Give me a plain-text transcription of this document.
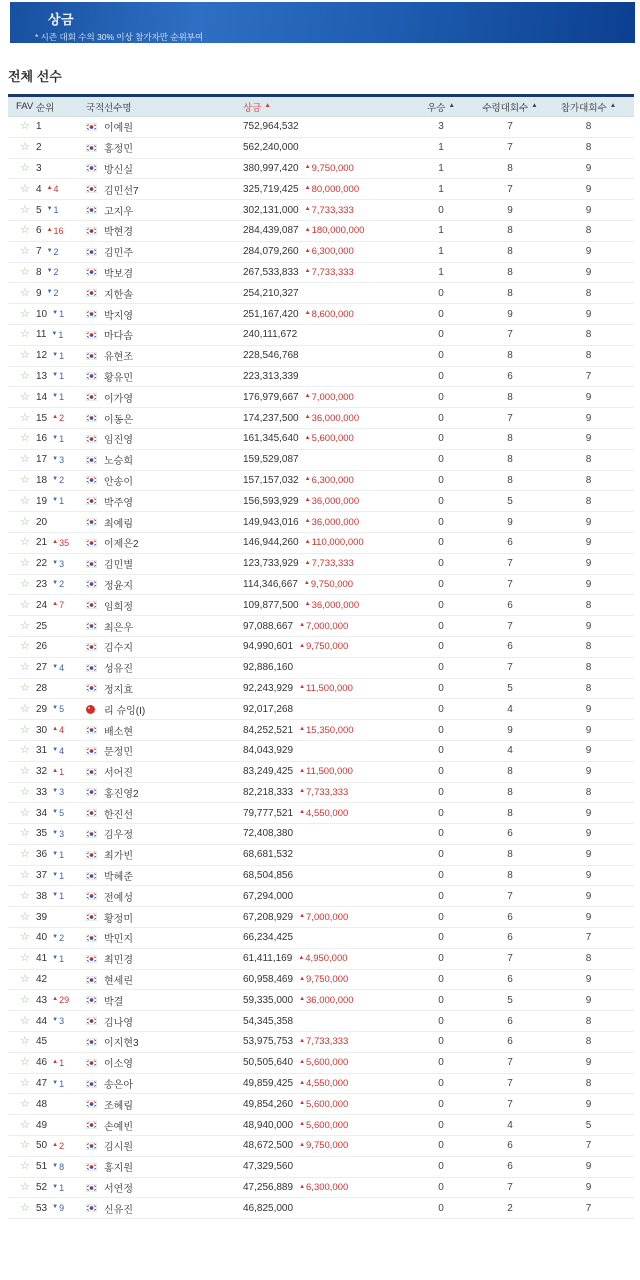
상금
* 시즌 대회 수의 30% 이상 참가자만 순위부여
전체 선수
FAV 순위	국적 선수명	상금 ▲	우승 ▲	수령대회수 ▲ 참가대회수 ▲
☆ 1	이예원	752,964,532	3	7	8
☆ 2	홍정민	562,240,000	1	7	8
☆ 3	방신실	380,997,420 ▲ 9,750,000	1	8	9
☆ 4 ▲ 4	김민선7	325,719,425 ▲ 80,000,000	1	7	9
☆ 5 ▼ 1	고지우	302,131,000 ▲ 7,733,333	0	9	9
☆ 6 ▲ 16	박현경	284,439,087 ▲ 180,000,000	1	8	8
☆ 7 ▼ 2	김민주	284,079,260 ▲ 6,300,000	1	8	9
☆ 8 ▼ 2	박보겸	267,533,833 ▲ 7,733,333	1	8	9
☆ 9 ▼ 2	지한솔	254,210,327	0	8	8
☆ 10 ▼ 1	박지영	251,167,420 ▲ 8,600,000	0	9	9
☆ 11 ▼ 1	마다솜	240,111,672	0	7	8
☆ 12 ▼ 1	유현조	228,546,768	0	8	8
☆ 13 ▼ 1	황유민	223,313,339	0	6	7
☆ 14 ▼ 1	이가영	176,979,667 ▲ 7,000,000	0	8	9
☆ 15 ▲ 2	이동은	174,237,500 ▲ 36,000,000	0	7	9
☆ 16 ▼ 1	임진영	161,345,640 ▲ 5,600,000	0	8	9
☆ 17 ▼ 3	노승희	159,529,087	0	8	8
☆ 18 ▼ 2	안송이	157,157,032 ▲ 6,300,000	0	8	8
☆ 19 ▼ 1	박주영	156,593,929 ▲ 36,000,000	0	5	8
☆ 20	최예림	149,943,016 ▲ 36,000,000	0	9	9
☆ 21 ▲ 35	이제은2	146,944,260 ▲ 110,000,000	0	6	9
☆ 22 ▼ 3	김민별	123,733,929 ▲ 7,733,333	0	7	9
☆ 23 ▼ 2	정윤지	114,346,667 ▲ 9,750,000	0	7	9
☆ 24 ▲ 7	임희정	109,877,500 ▲ 36,000,000	0	6	8
☆ 25	최은우	97,088,667 ▲ 7,000,000	0	7	9
☆ 26	김수지	94,990,601 ▲ 9,750,000	0	6	8
☆ 27 ▼ 4	성유진	92,886,160	0	7	8
☆ 28	정지효	92,243,929 ▲ 11,500,000	0	5	8
☆ 29 ▼ 5	리 슈잉(I)	92,017,268	0	4	9
☆ 30 ▲ 4	배소현	84,252,521 ▲ 15,350,000	0	9	9
☆ 31 ▼ 4	문정민	84,043,929	0	4	9
☆ 32 ▲ 1	서어진	83,249,425 ▲ 11,500,000	0	8	9
☆ 33 ▼ 3	홍진영2	82,218,333 ▲ 7,733,333	0	8	8
☆ 34 ▼ 5	한진선	79,777,521 ▲ 4,550,000	0	8	9
☆ 35 ▼ 3	김우정	72,408,380	0	6	9
☆ 36 ▼ 1	최가빈	68,681,532	0	8	9
☆ 37 ▼ 1	박혜준	68,504,856	0	8	9
☆ 38 ▼ 1	전예성	67,294,000	0	7	9
☆ 39	황정미	67,208,929 ▲ 7,000,000	0	6	9
☆ 40 ▼ 2	박민지	66,234,425	0	6	7
☆ 41 ▼ 1	최민경	61,411,169 ▲ 4,950,000	0	7	8
☆ 42	현세린	60,958,469 ▲ 9,750,000	0	6	9
☆ 43 ▲ 29	박결	59,335,000 ▲ 36,000,000	0	5	9
☆ 44 ▼ 3	김나영	54,345,358	0	6	8
☆ 45	이지현3	53,975,753 ▲ 7,733,333	0	6	8
☆ 46 ▲ 1	이소영	50,505,640 ▲ 5,600,000	0	7	9
☆ 47 ▼ 1	송은아	49,859,425 ▲ 4,550,000	0	7	8
☆ 48	조혜림	49,854,260 ▲ 5,600,000	0	7	9
☆ 49	손예빈	48,940,000 ▲ 5,600,000	0	4	5
☆ 50 ▲ 2	김시원	48,672,500 ▲ 9,750,000	0	6	7
☆ 51 ▼ 8	홍지원	47,329,560	0	6	9
☆ 52 ▼ 1	서연정	47,256,889 ▲ 6,300,000	0	7	9
☆ 53 ▼ 9	신유진	46,825,000	0	2	7
